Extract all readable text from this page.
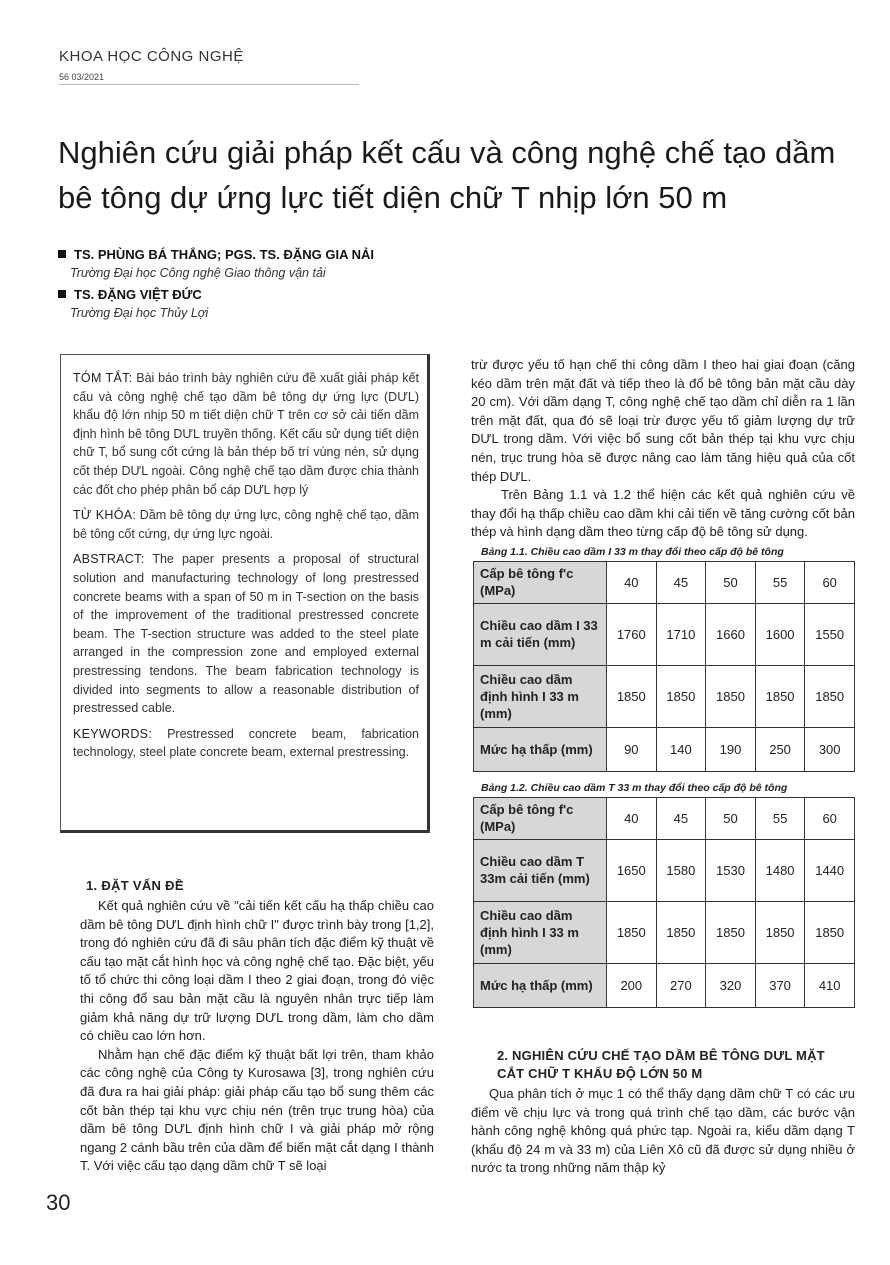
KHOA HỌC CÔNG NGHỆ
56 03/2021
Nghiên cứu giải pháp kết cấu và công nghệ chế tạo dầm bê tông dự ứng lực tiết diện chữ T nhịp lớn 50 m
TS. PHÙNG BÁ THẮNG; PGS. TS. ĐẶNG GIA NẢI
Trường Đại học Công nghệ Giao thông vận tải
TS. ĐẶNG VIỆT ĐỨC
Trường Đại học Thủy Lợi

TÓM TẮT: Bài báo trình bày nghiên cứu đề xuất giải pháp kết cấu và công nghệ chế tạo dầm bê tông dự ứng lực (DƯL) khẩu độ lớn nhịp 50 m tiết diện chữ T trên cơ sở cải tiến dầm định hình bê tông DƯL truyền thống. Kết cấu sử dụng tiết diện chữ T, bổ sung cốt cứng là bản thép bố trí vùng nén, sử dụng cốt thép DƯL ngoài. Công nghệ chế tạo dầm được chia thành các đốt cho phép phân bổ cáp DƯL hợp lý

TỪ KHÓA: Dầm bê tông dự ứng lực, công nghệ chế tạo, dầm bê tông cốt cứng, dự ứng lực ngoài.

ABSTRACT: The paper presents a proposal of structural solution and manufacturing technology of long prestressed concrete beams with a span of 50 m in T-section on the basis of the improvement of the traditional prestressed concrete beam. The T-section structure was added to the steel plate arranged in the compression zone and employed external prestressing tendons. The beam fabrication technology is divided into segments to allow a reasonable distribution of prestressed cable.

KEYWORDS: Prestressed concrete beam, fabrication technology, steel plate concrete beam, external prestressing.

1. ĐẶT VẤN ĐỀ

Kết quả nghiên cứu về "cải tiến kết cấu hạ thấp chiều cao dầm bê tông DƯL định hình chữ I" được trình bày trong [1,2], trong đó nghiên cứu đã đi sâu phân tích đặc điểm kỹ thuật về cấu tạo mặt cắt hình học và công nghệ chế tạo. Đặc biệt, yếu tố tổ chức thi công loại dầm I theo 2 giai đoạn, trong đó việc thi công đổ sau bản mặt cầu là nguyên nhân trực tiếp làm giảm khả năng dự trữ lượng DƯL trong dầm, làm cho dầm có chiều cao lớn hơn.

Nhằm hạn chế đặc điểm kỹ thuật bất lợi trên, tham khảo các công nghệ của Công ty Kurosawa [3], trong nghiên cứu đã đưa ra hai giải pháp: giải pháp cấu tạo bổ sung thêm các cốt bản thép tại khu vực chịu nén (trên trục trung hòa) của dầm bê tông DƯL định hình chữ I và giải pháp mở rộng ngang 2 cánh bầu trên của dầm để biến mặt cắt dạng I thành T. Với việc cấu tạo dạng dầm chữ T sẽ loại

trừ được yếu tố hạn chế thi công dầm I theo hai giai đoạn (căng kéo dầm trên mặt đất và tiếp theo là đổ bê tông bản mặt cầu dày 20 cm). Với dầm dạng T, công nghệ chế tạo dầm chỉ diễn ra 1 lần trên mặt đất, qua đó sẽ loại trừ được yếu tố giảm lượng dự trữ DƯL trong dầm. Với việc bổ sung cốt bản thép tại khu vực chịu nén, trục trung hòa sẽ được nâng cao làm tăng hiệu quả của cốt thép DƯL.

Trên Bảng 1.1 và 1.2 thể hiện các kết quả nghiên cứu về thay đổi hạ thấp chiều cao dầm khi cải tiến về tăng cường cốt bản thép và hình dạng dầm theo từng cấp độ bê tông sử dụng.

Bảng 1.1. Chiều cao dầm I 33 m thay đổi theo cấp độ bê tông
Cấp bê tông f'c (MPa)	40	45	50	55	60
Chiều cao dầm I 33 m cải tiến (mm)	1760	1710	1660	1600	1550
Chiều cao dầm định hình I 33 m (mm)	1850	1850	1850	1850	1850
Mức hạ thấp (mm)	90	140	190	250	300
Bảng 1.2. Chiều cao dầm T 33 m thay đổi theo cấp độ bê tông
Cấp bê tông f'c (MPa)	40	45	50	55	60
Chiều cao dầm T 33m cải tiến (mm)	1650	1580	1530	1480	1440
Chiều cao dầm định hình I 33 m (mm)	1850	1850	1850	1850	1850
Mức hạ thấp (mm)	200	270	320	370	410
2. NGHIÊN CỨU CHẾ TẠO DẦM BÊ TÔNG DƯL MẶT CẮT CHỮ T KHẨU ĐỘ LỚN 50 M

Qua phân tích ở mục 1 có thể thấy dạng dầm chữ T có các ưu điểm về chịu lực và trong quá trình chế tạo dầm, các bước vận hành công nghệ không quá phức tạp. Ngoài ra, kiểu dầm dạng T (khẩu độ 24 m và 33 m) của Liên Xô cũ đã được sử dụng nhiều ở nước ta trong những năm thập kỷ

30
